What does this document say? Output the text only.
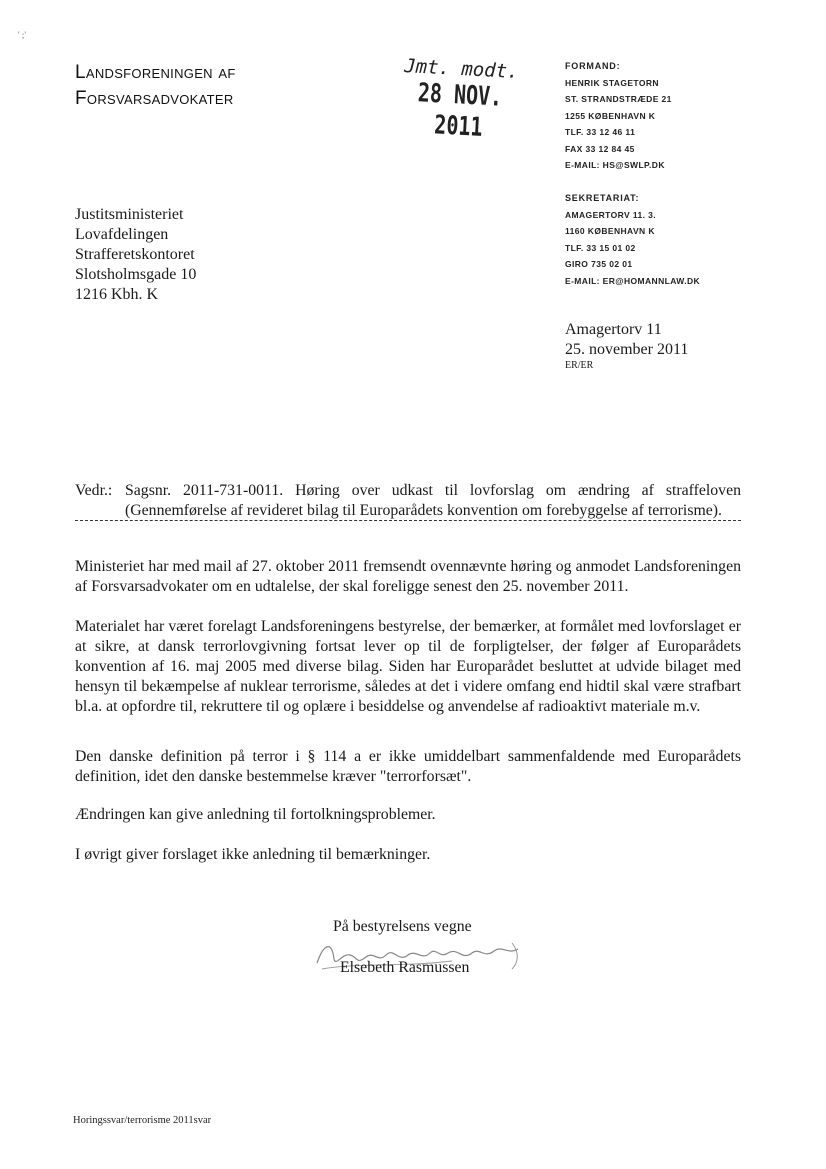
' ;'
Landsforeningen af
Forsvarsadvokater
Jmt. modt.
28 NOV. 2011
FORMAND:
HENRIK STAGETORN
ST. STRANDSTRÆDE 21
1255 KØBENHAVN K
TLF. 33 12 46 11
FAX 33 12 84 45
E-MAIL: HS@SWLP.DK
SEKRETARIAT:
AMAGERTORV 11. 3.
1160 KØBENHAVN K
TLF. 33 15 01 02
GIRO 735 02 01
E-MAIL: ER@HOMANNLAW.DK
Justitsministeriet
Lovafdelingen
Strafferetskontoret
Slotsholmsgade 10
1216 Kbh. K
Amagertorv 11
25. november 2011
ER/ER
Vedr.: Sagsnr. 2011-731-0011. Høring over udkast til lovforslag om ændring af straffeloven (Gennemførelse af revideret bilag til Europarådets konvention om forebyggelse af terrorisme).
Ministeriet har med mail af 27. oktober 2011 fremsendt ovennævnte høring og anmodet Landsforeningen af Forsvarsadvokater om en udtalelse, der skal foreligge senest den 25. november 2011.
Materialet har været forelagt Landsforeningens bestyrelse, der bemærker, at formålet med lovforslaget er at sikre, at dansk terrorlovgivning fortsat lever op til de forpligtelser, der følger af Europarådets konvention af 16. maj 2005 med diverse bilag. Siden har Europarådet besluttet at udvide bilaget med hensyn til bekæmpelse af nuklear terrorisme, således at det i videre omfang end hidtil skal være strafbart bl.a. at opfordre til, rekruttere til og oplære i besiddelse og anvendelse af radioaktivt materiale m.v.
Den danske definition på terror i § 114 a er ikke umiddelbart sammenfaldende med Europarådets definition, idet den danske bestemmelse kræver "terrorforsæt".
Ændringen kan give anledning til fortolkningsproblemer.
I øvrigt giver forslaget ikke anledning til bemærkninger.
På bestyrelsens vegne
Elsebeth Rasmussen
Horingssvar/terrorisme 2011svar
